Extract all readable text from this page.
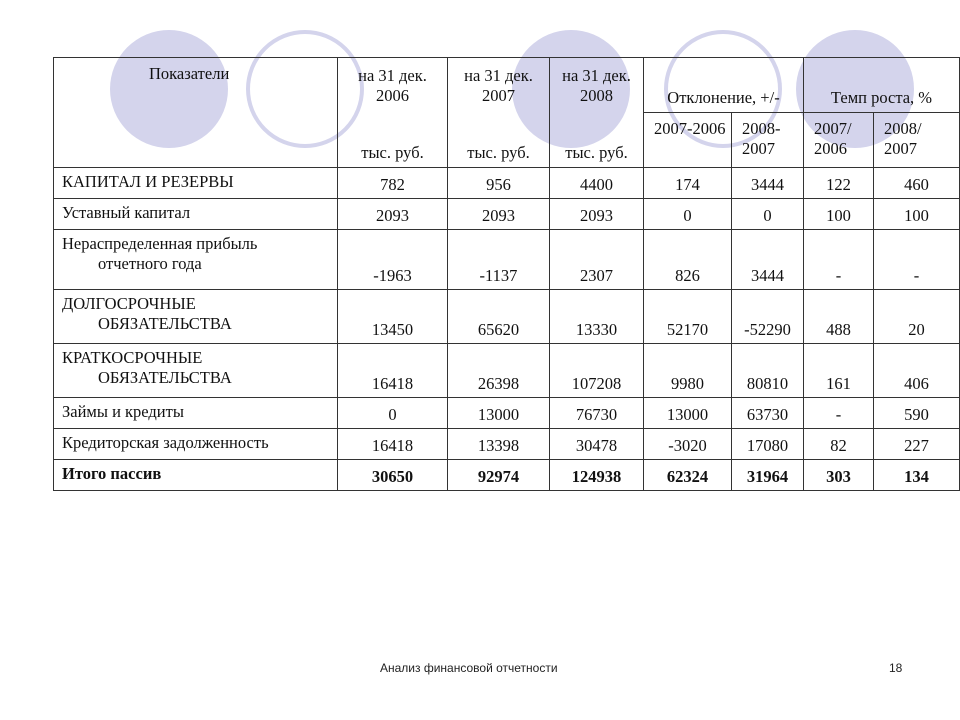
Показатели	на 31 дек. 2006	на 31 дек. 2007	на 31 дек. 2008	Отклонение, +/-		Темп роста, %	
	тыс. руб.	тыс. руб.	тыс. руб.	2007-2006	2008-2007	2007/ 2006	2008/ 2007
КАПИТАЛ И РЕЗЕРВЫ	782	956	4400	174	3444	122	460
Уставный капитал	2093	2093	2093	0	0	100	100
Нераспределенная прибыль
отчетного года	-1963	-1137	2307	826	3444	-	-
ДОЛГОСРОЧНЫЕ
ОБЯЗАТЕЛЬСТВА	13450	65620	13330	52170	-52290	488	20
КРАТКОСРОЧНЫЕ
ОБЯЗАТЕЛЬСТВА	16418	26398	107208	9980	80810	161	406
Займы и кредиты	0	13000	76730	13000	63730	-	590
Кредиторская задолженность	16418	13398	30478	-3020	17080	82	227
Итого пассив	30650	92974	124938	62324	31964	303	134
Анализ финансовой отчетности	18
